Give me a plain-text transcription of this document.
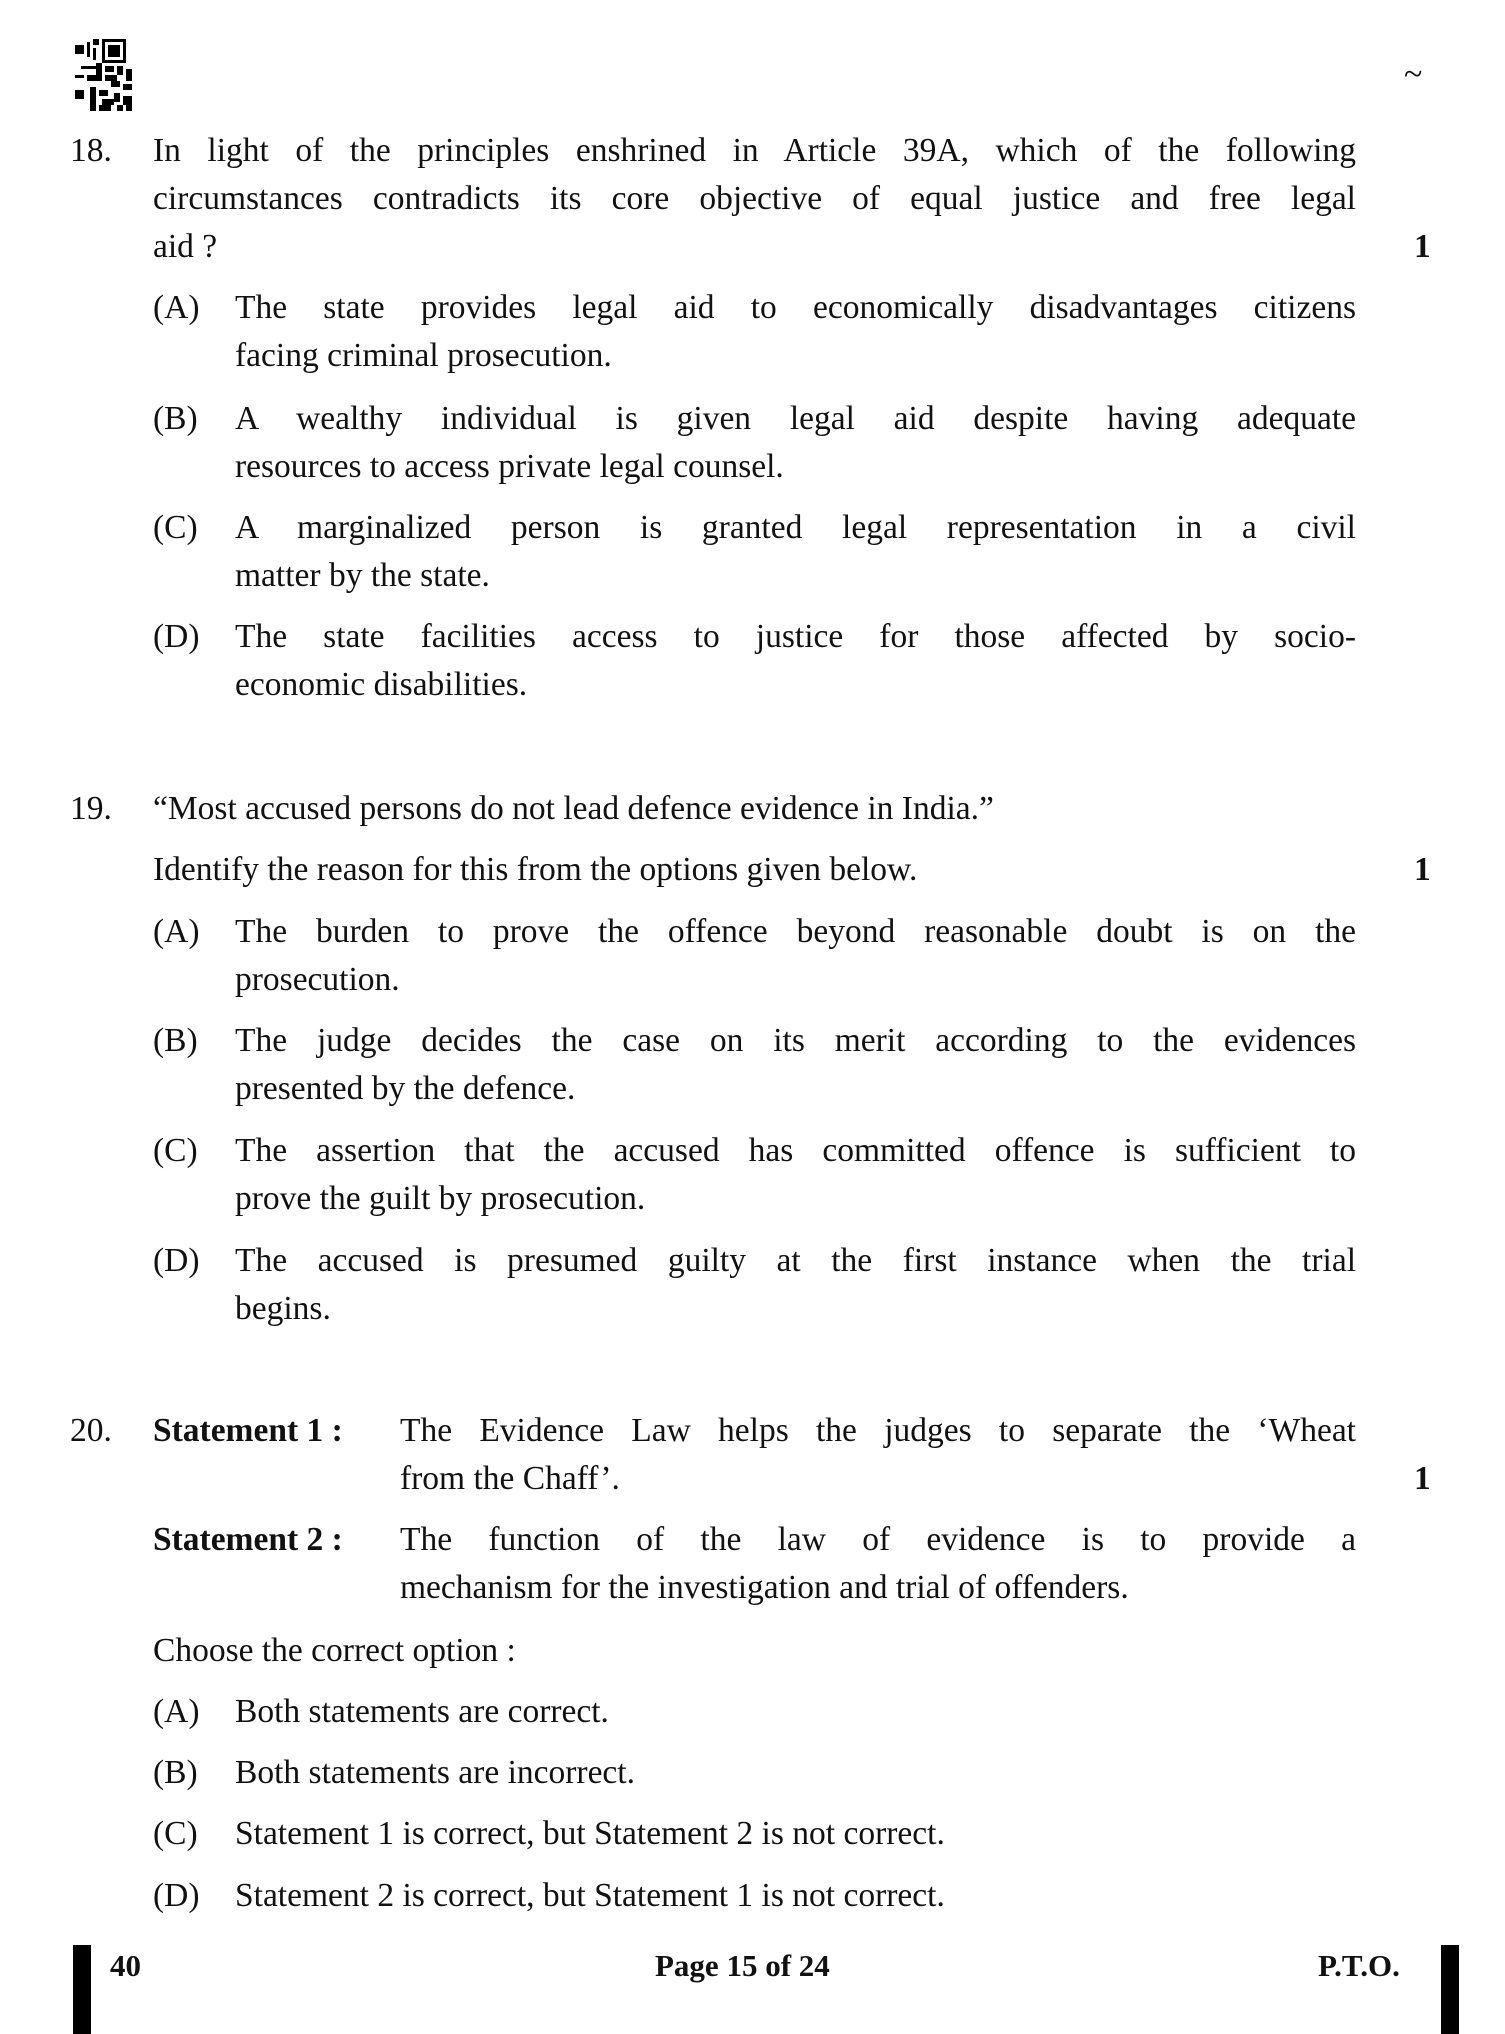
~
18. In light of the principles enshrined in Article 39A, which of the following
circumstances contradicts its core objective of equal justice and free legal
aid ?	1
(A)	The state provides legal aid to economically disadvantages citizens
facing criminal prosecution.
(B)	A wealthy individual is given legal aid despite having adequate
resources to access private legal counsel.
(C)	A marginalized person is granted legal representation in a civil
matter by the state.
(D)	The state facilities access to justice for those affected by socio-
economic disabilities.
19. “Most accused persons do not lead defence evidence in India.”
Identify the reason for this from the options given below.	1
(A)	The burden to prove the offence beyond reasonable doubt is on the
prosecution.
(B)	The judge decides the case on its merit according to the evidences
presented by the defence.
(C)	The assertion that the accused has committed offence is sufficient to
prove the guilt by prosecution.
(D)	The accused is presumed guilty at the first instance when the trial
begins.
20. Statement 1 :	The Evidence Law helps the judges to separate the ‘Wheat
from the Chaff’.	1
Statement 2 :	The function of the law of evidence is to provide a
mechanism for the investigation and trial of offenders.
Choose the correct option :
(A)	Both statements are correct.
(B)	Both statements are incorrect.
(C)	Statement 1 is correct, but Statement 2 is not correct.
(D)	Statement 2 is correct, but Statement 1 is not correct.
40	Page 15 of 24	P.T.O.
